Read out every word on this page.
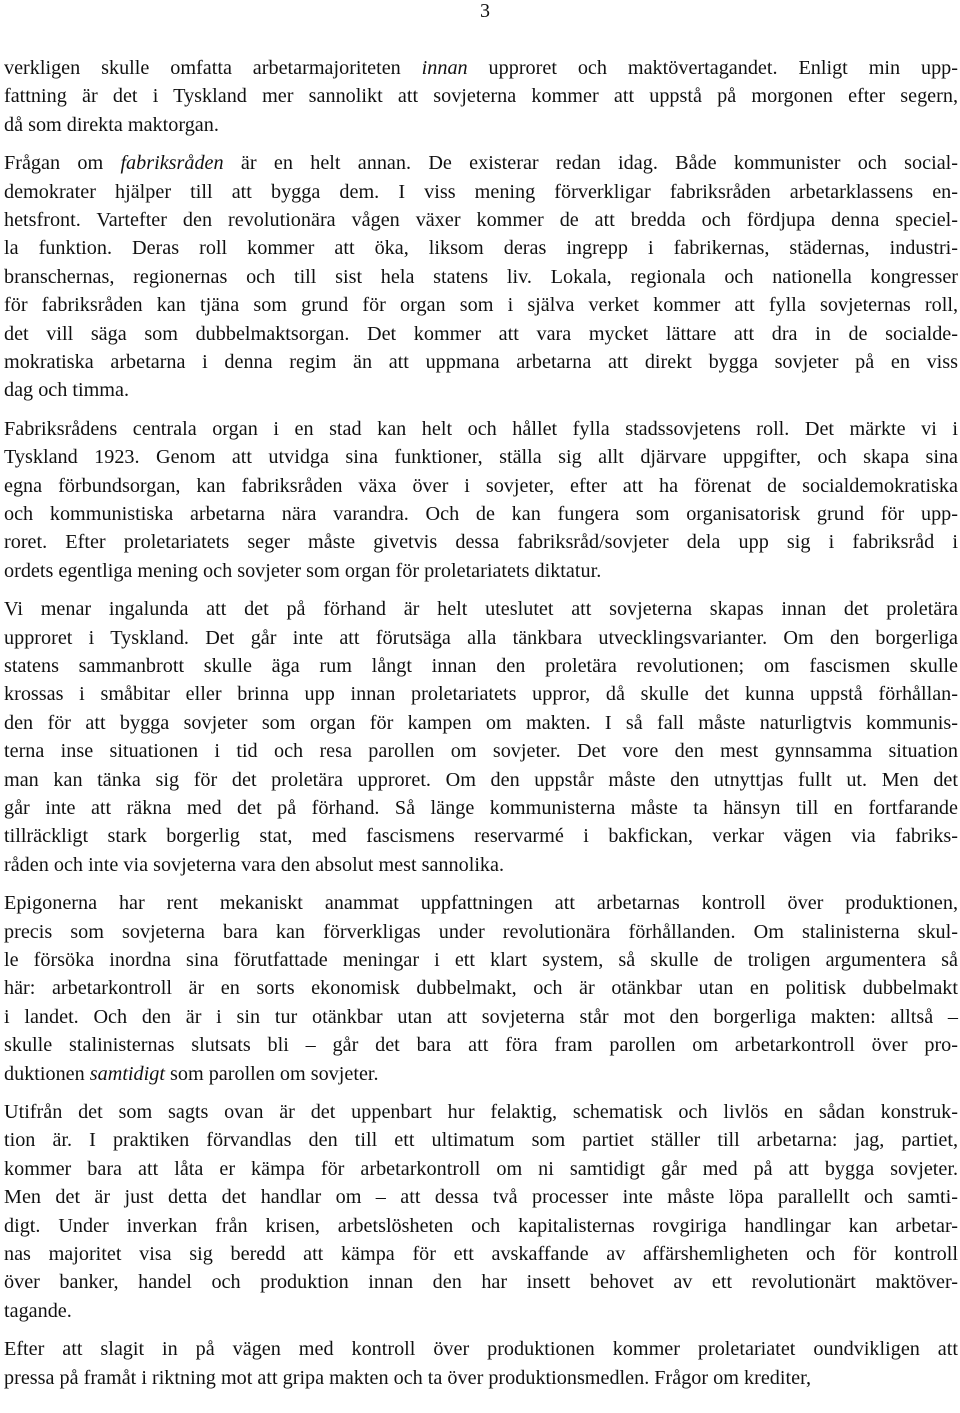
3
verkligen skulle omfatta arbetarmajoriteten innan upproret och maktövertagandet. Enligt min upp-
fattning är det i Tyskland mer sannolikt att sovjeterna kommer att uppstå på morgonen efter segern,
då som direkta maktorgan.
Frågan om fabriksråden är en helt annan. De existerar redan idag. Både kommunister och social-
demokrater hjälper till att bygga dem. I viss mening förverkligar fabriksråden arbetarklassens en-
hetsfront. Vartefter den revolutionära vågen växer kommer de att bredda och fördjupa denna speciel-
la funktion. Deras roll kommer att öka, liksom deras ingrepp i fabrikernas, städernas, industri-
branschernas, regionernas och till sist hela statens liv. Lokala, regionala och nationella kongresser
för fabriksråden kan tjäna som grund för organ som i själva verket kommer att fylla sovjeternas roll,
det vill säga som dubbelmaktsorgan. Det kommer att vara mycket lättare att dra in de socialde-
mokratiska arbetarna i denna regim än att uppmana arbetarna att direkt bygga sovjeter på en viss
dag och timma.
Fabriksrådens centrala organ i en stad kan helt och hållet fylla stadssovjetens roll. Det märkte vi i
Tyskland 1923. Genom att utvidga sina funktioner, ställa sig allt djärvare uppgifter, och skapa sina
egna förbundsorgan, kan fabriksråden växa över i sovjeter, efter att ha förenat de socialdemokratiska
och kommunistiska arbetarna nära varandra. Och de kan fungera som organisatorisk grund för upp-
roret. Efter proletariatets seger måste givetvis dessa fabriksråd/sovjeter dela upp sig i fabriksråd i
ordets egentliga mening och sovjeter som organ för proletariatets diktatur.
Vi menar ingalunda att det på förhand är helt uteslutet att sovjeterna skapas innan det proletära
upproret i Tyskland. Det går inte att förutsäga alla tänkbara utvecklingsvarianter. Om den borgerliga
statens sammanbrott skulle äga rum långt innan den proletära revolutionen; om fascismen skulle
krossas i småbitar eller brinna upp innan proletariatets uppror, då skulle det kunna uppstå förhållan-
den för att bygga sovjeter som organ för kampen om makten. I så fall måste naturligtvis kommunis-
terna inse situationen i tid och resa parollen om sovjeter. Det vore den mest gynnsamma situation
man kan tänka sig för det proletära upproret. Om den uppstår måste den utnyttjas fullt ut. Men det
går inte att räkna med det på förhand. Så länge kommunisterna måste ta hänsyn till en fortfarande
tillräckligt stark borgerlig stat, med fascismens reservarmé i bakfickan, verkar vägen via fabriks-
råden och inte via sovjeterna vara den absolut mest sannolika.
Epigonerna har rent mekaniskt anammat uppfattningen att arbetarnas kontroll över produktionen,
precis som sovjeterna bara kan förverkligas under revolutionära förhållanden. Om stalinisterna skul-
le försöka inordna sina förutfattade meningar i ett klart system, så skulle de troligen argumentera så
här: arbetarkontroll är en sorts ekonomisk dubbelmakt, och är otänkbar utan en politisk dubbelmakt
i landet. Och den är i sin tur otänkbar utan att sovjeterna står mot den borgerliga makten: alltså –
skulle stalinisternas slutsats bli – går det bara att föra fram parollen om arbetarkontroll över pro-
duktionen samtidigt som parollen om sovjeter.
Utifrån det som sagts ovan är det uppenbart hur felaktig, schematisk och livlös en sådan konstruk-
tion är. I praktiken förvandlas den till ett ultimatum som partiet ställer till arbetarna: jag, partiet,
kommer bara att låta er kämpa för arbetarkontroll om ni samtidigt går med på att bygga sovjeter.
Men det är just detta det handlar om – att dessa två processer inte måste löpa parallellt och samti-
digt. Under inverkan från krisen, arbetslösheten och kapitalisternas rovgiriga handlingar kan arbetar-
nas majoritet visa sig beredd att kämpa för ett avskaffande av affärshemligheten och för kontroll
över banker, handel och produktion innan den har insett behovet av ett revolutionärt maktöver-
tagande.
Efter att slagit in på vägen med kontroll över produktionen kommer proletariatet oundvikligen att
pressa på framåt i riktning mot att gripa makten och ta över produktionsmedlen. Frågor om krediter,
